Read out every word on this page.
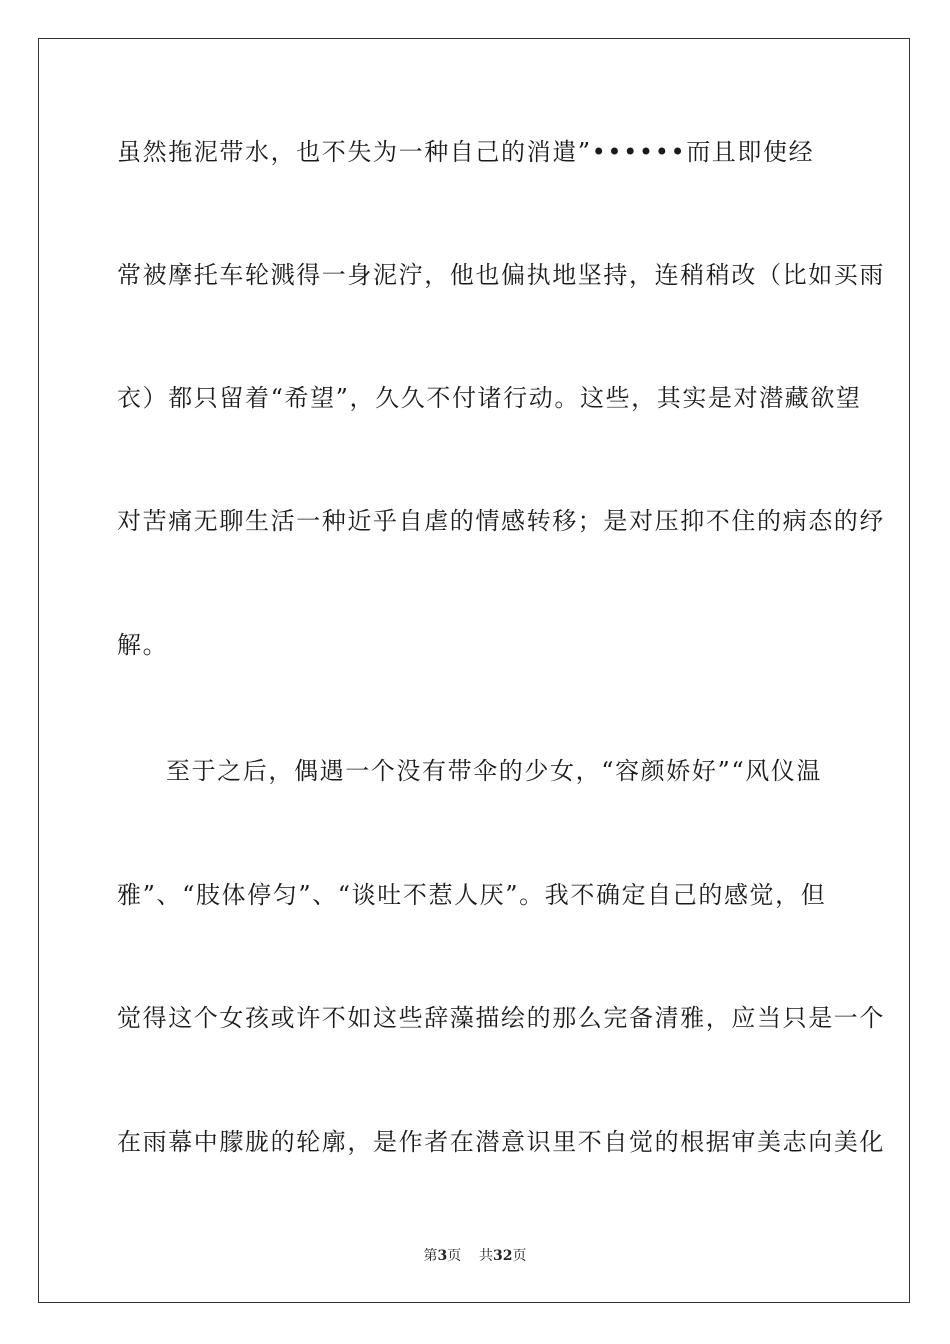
虽然拖泥带水，也不失为一种自己的消遣”••••••而且即使经
常被摩托车轮溅得一身泥泞，他也偏执地坚持，连稍稍改（比如买雨
衣）都只留着“希望”，久久不付诸行动。这些，其实是对潜藏欲望
对苦痛无聊生活一种近乎自虐的情感转移；是对压抑不住的病态的纾
解。
至于之后，偶遇一个没有带伞的少女，“容颜娇好”“风仪温
雅”、“肢体停匀”、“谈吐不惹人厌”。我不确定自己的感觉，但
觉得这个女孩或许不如这些辞藻描绘的那么完备清雅，应当只是一个
在雨幕中朦胧的轮廓，是作者在潜意识里不自觉的根据审美志向美化
第3页 共32页
